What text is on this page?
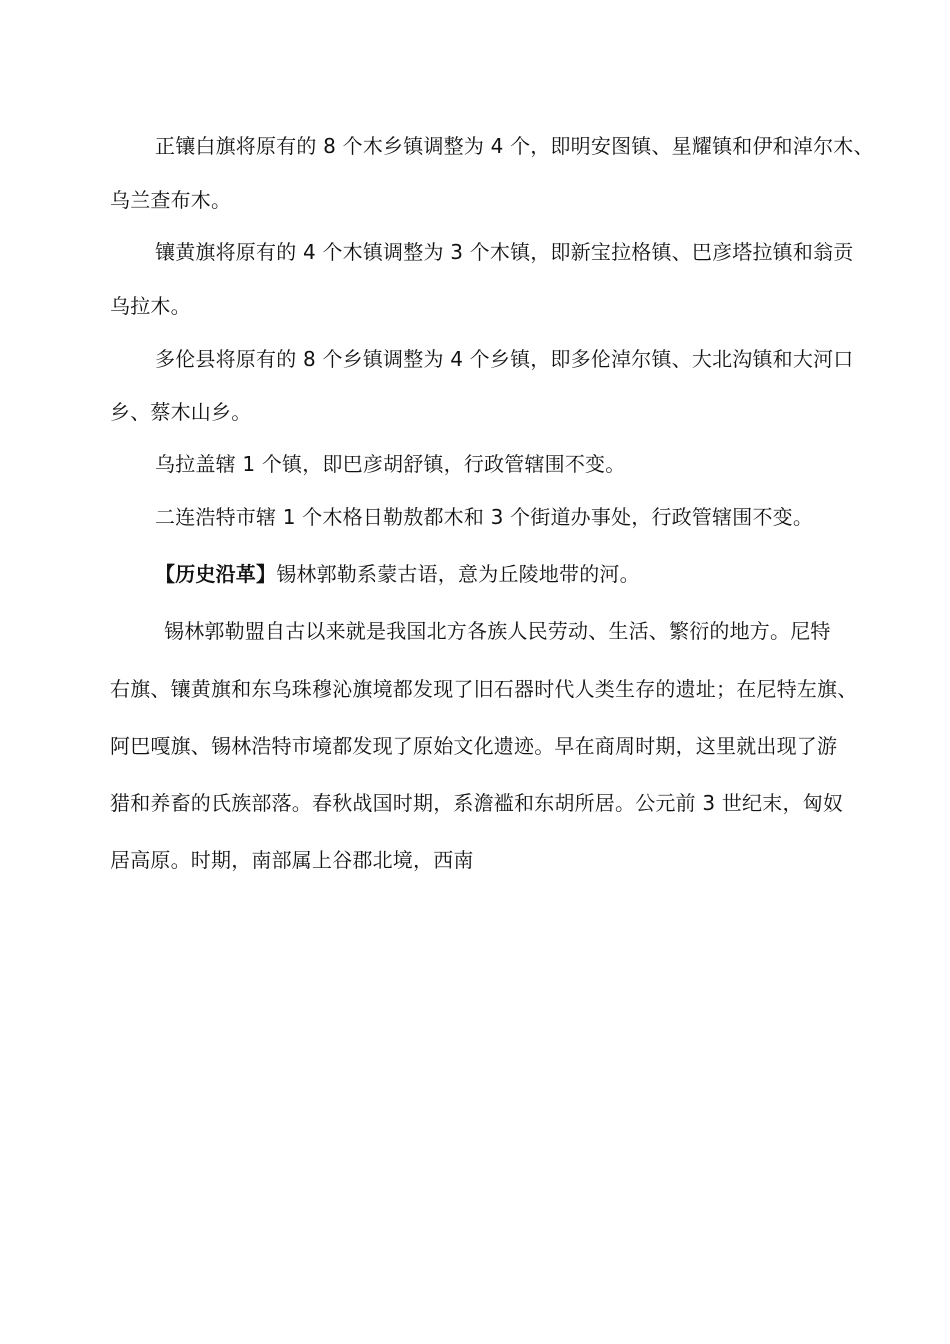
正镶白旗将原有的 8 个木乡镇调整为 4 个，即明安图镇、星耀镇和伊和淖尔木、
乌兰查布木。
镶黄旗将原有的 4 个木镇调整为 3 个木镇，即新宝拉格镇、巴彦塔拉镇和翁贡
乌拉木。
多伦县将原有的 8 个乡镇调整为 4 个乡镇，即多伦淖尔镇、大北沟镇和大河口
乡、蔡木山乡。
乌拉盖辖 1 个镇，即巴彦胡舒镇，行政管辖围不变。
二连浩特市辖 1 个木格日勒敖都木和 3 个街道办事处，行政管辖围不变。
【历史沿革】锡林郭勒系蒙古语，意为丘陵地带的河。
锡林郭勒盟自古以来就是我国北方各族人民劳动、生活、繁衍的地方。尼特
右旗、镶黄旗和东乌珠穆沁旗境都发现了旧石器时代人类生存的遗址；在尼特左旗、
阿巴嘎旗、锡林浩特市境都发现了原始文化遗迹。早在商周时期，这里就出现了游
猎和养畜的氏族部落。春秋战国时期，系澹褴和东胡所居。公元前 3 世纪末，匈奴
居高原。时期，南部属上谷郡北境，西南
